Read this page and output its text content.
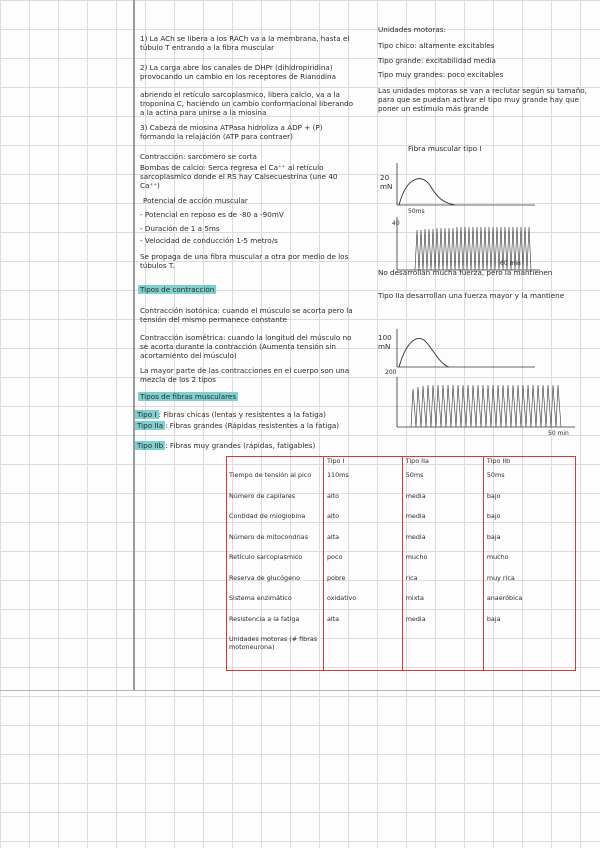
1) La ACh se libera a los RACh va a la membrana, hasta el túbulo T entrando a la fibra muscular
2) La carga abre los canales de DHPr (dihidropiridina) provocando un cambio en los receptores de Rianodina
abriendo el retículo sarcoplasmico, libera calcio, va a la troponina C, haciendo un cambio conformacional liberando a la actina para unirse a la miosina
3) Cabeza de miosina ATPasa hidroliza a ADP + (P) formando la relajación (ATP para contraer)
Contracción: sarcómero se corta
Bombas de calcio: Serca regresa el Ca⁺⁺ al retículo sarcoplasmico donde el RS hay Calsecuestrina (une 40 Ca⁺⁺)
Potencial de acción muscular
- Potencial en reposo es de -80 a -90mV
- Duración de 1 a 5ms
- Velocidad de conducción 1-5 metro/s
Se propaga de una fibra muscular a otra por medio de los túbulos T.
Tipos de contracción
Contracción isotónica: cuando el músculo se acorta pero la tensión del mismo permanece constante
Contracción isométrica: cuando la longitud del músculo no se acorta durante la contracción (Aumenta tensión sin acortamiento del músculo)
La mayor parte de las contracciones en el cuerpo son una mezcla de los 2 tipos
Tipos de fibras musculares
Tipo I : Fibras chicas (lentas y resistentes a la fatiga)
Tipo IIa : Fibras grandes (Rápidas resistentes a la fatiga)
Tipo IIb : Fibras muy grandes (rápidas, fatigables)
Unidades motoras:
Tipo chico: altamente excitables
Tipo grande: excitabilidad media
Tipo muy grandes: poco excitables
Las unidades motoras se van a reclutar según su tamaño, para que se puedan activar el tipo muy grande hay que poner un estímulo más grande
Fibra muscular tipo I
20 mN
50ms
40
60 min
No desarrollan mucha fuerza, pero la mantienen
Tipo IIa desarrollan una fuerza mayor y la mantiene
100 mN
200
50 min
	Tipo I	Tipo IIa	Tipo IIb
Tiempo de tensión al pico	110ms	50ms	50ms
Número de capilares	alto	media	bajo
Contidad de mioglobina	alto	media	bajo
Número de mitocondrias	alta	media	baja
Retículo sarcoplasmico	poco	mucho	mucho
Reserva de glucógeno	pobre	rica	muy rica
Sistema enzimático	oxidativo	mixta	anaeróbica
Resistencia a la fatiga	alta	media	baja
Unidades motoras (# fibras motoneurona)			
